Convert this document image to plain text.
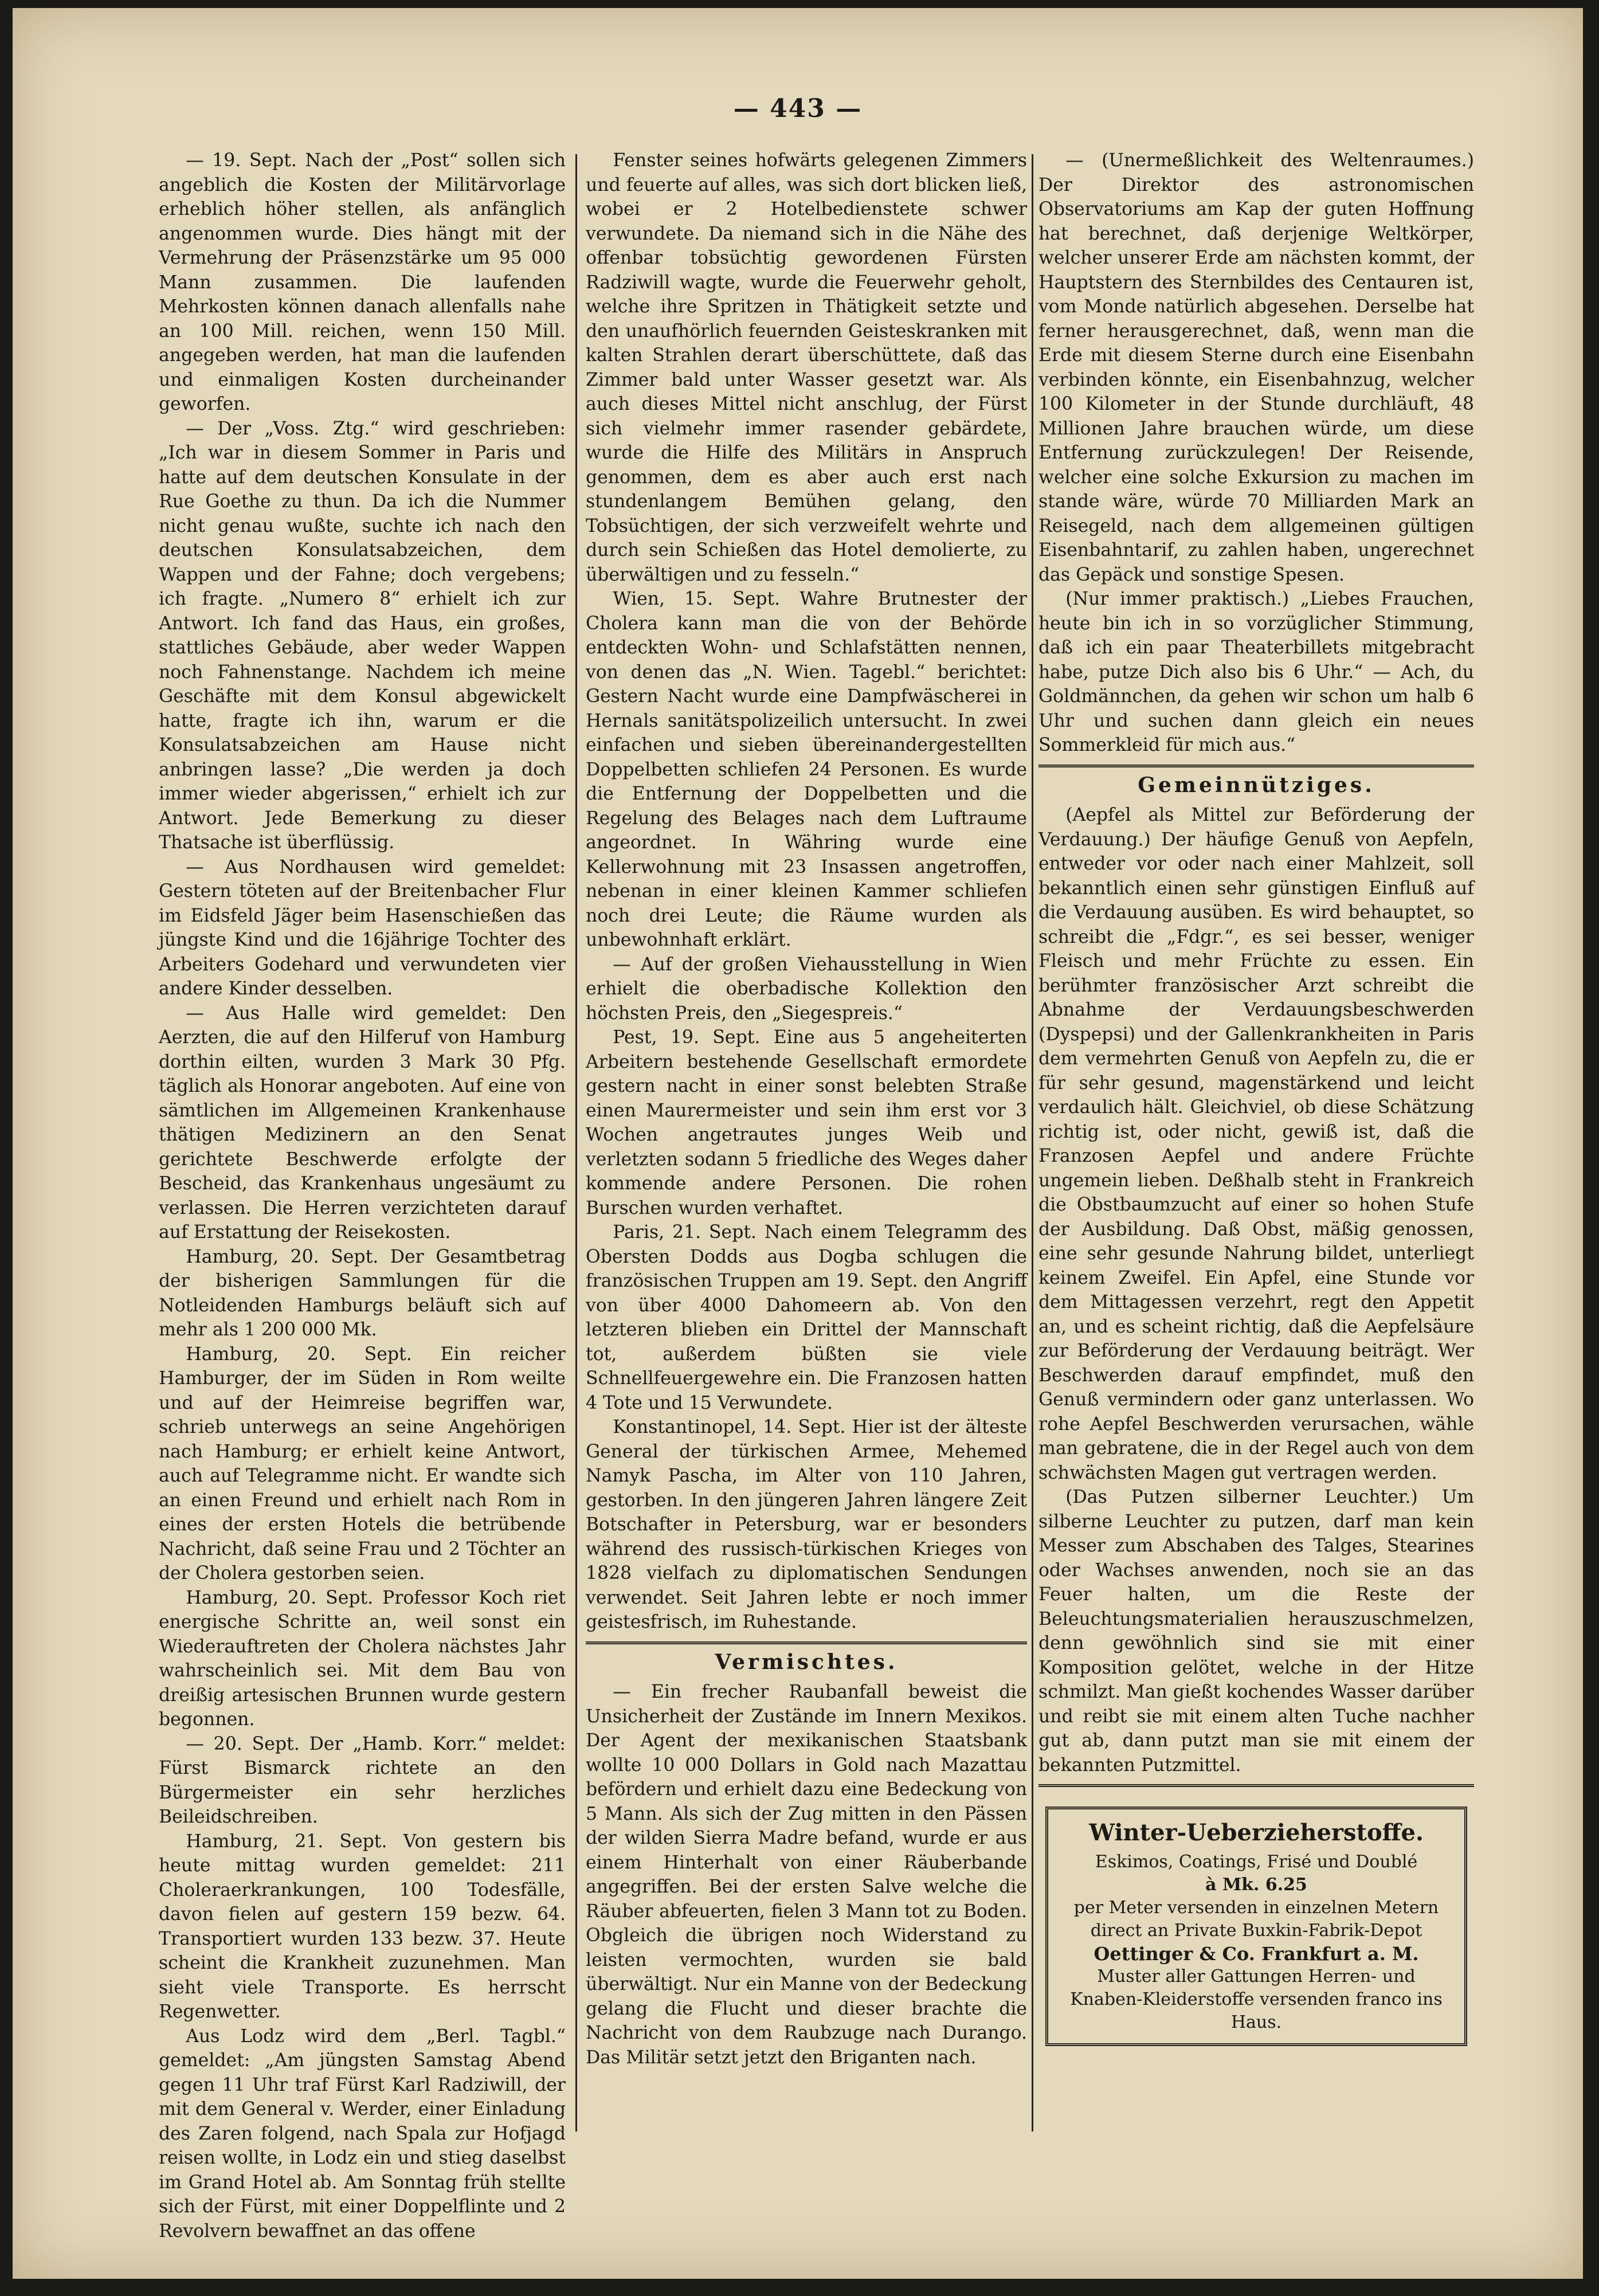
— 443 —

— 19. Sept. Nach der „Post“ sollen sich angeblich die Kosten der Militärvorlage erheblich höher stellen, als anfänglich angenommen wurde. Dies hängt mit der Vermehrung der Präsenzstärke um 95 000 Mann zusammen. Die laufenden Mehrkosten können danach allenfalls nahe an 100 Mill. reichen, wenn 150 Mill. angegeben werden, hat man die laufenden und einmaligen Kosten durcheinander geworfen.

— Der „Voss. Ztg.“ wird geschrieben: „Ich war in diesem Sommer in Paris und hatte auf dem deutschen Konsulate in der Rue Goethe zu thun. Da ich die Nummer nicht genau wußte, suchte ich nach den deutschen Konsulatsabzeichen, dem Wappen und der Fahne; doch vergebens; ich fragte. „Numero 8“ erhielt ich zur Antwort. Ich fand das Haus, ein großes, stattliches Gebäude, aber weder Wappen noch Fahnenstange. Nachdem ich meine Geschäfte mit dem Konsul abgewickelt hatte, fragte ich ihn, warum er die Konsulatsabzeichen am Hause nicht anbringen lasse? „Die werden ja doch immer wieder abgerissen,“ erhielt ich zur Antwort. Jede Bemerkung zu dieser Thatsache ist überflüssig.

— Aus Nordhausen wird gemeldet: Gestern töteten auf der Breitenbacher Flur im Eidsfeld Jäger beim Hasenschießen das jüngste Kind und die 16jährige Tochter des Arbeiters Godehard und verwundeten vier andere Kinder desselben.

— Aus Halle wird gemeldet: Den Aerzten, die auf den Hilferuf von Hamburg dorthin eilten, wurden 3 Mark 30 Pfg. täglich als Honorar angeboten. Auf eine von sämtlichen im Allgemeinen Krankenhause thätigen Medizinern an den Senat gerichtete Beschwerde erfolgte der Bescheid, das Krankenhaus ungesäumt zu verlassen. Die Herren verzichteten darauf auf Erstattung der Reisekosten.

Hamburg, 20. Sept. Der Gesamtbetrag der bisherigen Sammlungen für die Notleidenden Hamburgs beläuft sich auf mehr als 1 200 000 Mk.

Hamburg, 20. Sept. Ein reicher Hamburger, der im Süden in Rom weilte und auf der Heimreise begriffen war, schrieb unterwegs an seine Angehörigen nach Hamburg; er erhielt keine Antwort, auch auf Telegramme nicht. Er wandte sich an einen Freund und erhielt nach Rom in eines der ersten Hotels die betrübende Nachricht, daß seine Frau und 2 Töchter an der Cholera gestorben seien.

Hamburg, 20. Sept. Professor Koch riet energische Schritte an, weil sonst ein Wiederauftreten der Cholera nächstes Jahr wahrscheinlich sei. Mit dem Bau von dreißig artesischen Brunnen wurde gestern begonnen.

— 20. Sept. Der „Hamb. Korr.“ meldet: Fürst Bismarck richtete an den Bürgermeister ein sehr herzliches Beileidschreiben.

Hamburg, 21. Sept. Von gestern bis heute mittag wurden gemeldet: 211 Choleraerkrankungen, 100 Todesfälle, davon fielen auf gestern 159 bezw. 64. Transportiert wurden 133 bezw. 37. Heute scheint die Krankheit zuzunehmen. Man sieht viele Transporte. Es herrscht Regenwetter.

Aus Lodz wird dem „Berl. Tagbl.“ gemeldet: „Am jüngsten Samstag Abend gegen 11 Uhr traf Fürst Karl Radziwill, der mit dem General v. Werder, einer Einladung des Zaren folgend, nach Spala zur Hofjagd reisen wollte, in Lodz ein und stieg daselbst im Grand Hotel ab. Am Sonntag früh stellte sich der Fürst, mit einer Doppelflinte und 2 Revolvern bewaffnet an das offene

Fenster seines hofwärts gelegenen Zimmers und feuerte auf alles, was sich dort blicken ließ, wobei er 2 Hotelbedienstete schwer verwundete. Da niemand sich in die Nähe des offenbar tobsüchtig gewordenen Fürsten Radziwill wagte, wurde die Feuerwehr geholt, welche ihre Spritzen in Thätigkeit setzte und den unaufhörlich feuernden Geisteskranken mit kalten Strahlen derart überschüttete, daß das Zimmer bald unter Wasser gesetzt war. Als auch dieses Mittel nicht anschlug, der Fürst sich vielmehr immer rasender gebärdete, wurde die Hilfe des Militärs in Anspruch genommen, dem es aber auch erst nach stundenlangem Bemühen gelang, den Tobsüchtigen, der sich verzweifelt wehrte und durch sein Schießen das Hotel demolierte, zu überwältigen und zu fesseln.“

Wien, 15. Sept. Wahre Brutnester der Cholera kann man die von der Behörde entdeckten Wohn- und Schlafstätten nennen, von denen das „N. Wien. Tagebl.“ berichtet: Gestern Nacht wurde eine Dampfwäscherei in Hernals sanitätspolizeilich untersucht. In zwei einfachen und sieben übereinandergestellten Doppelbetten schliefen 24 Personen. Es wurde die Entfernung der Doppelbetten und die Regelung des Belages nach dem Luftraume angeordnet. In Währing wurde eine Kellerwohnung mit 23 Insassen angetroffen, nebenan in einer kleinen Kammer schliefen noch drei Leute; die Räume wurden als unbewohnhaft erklärt.

— Auf der großen Viehausstellung in Wien erhielt die oberbadische Kollektion den höchsten Preis, den „Siegespreis.“

Pest, 19. Sept. Eine aus 5 angeheiterten Arbeitern bestehende Gesellschaft ermordete gestern nacht in einer sonst belebten Straße einen Maurermeister und sein ihm erst vor 3 Wochen angetrautes junges Weib und verletzten sodann 5 friedliche des Weges daher kommende andere Personen. Die rohen Burschen wurden verhaftet.

Paris, 21. Sept. Nach einem Telegramm des Obersten Dodds aus Dogba schlugen die französischen Truppen am 19. Sept. den Angriff von über 4000 Dahomeern ab. Von den letzteren blieben ein Drittel der Mannschaft tot, außerdem büßten sie viele Schnellfeuergewehre ein. Die Franzosen hatten 4 Tote und 15 Verwundete.

Konstantinopel, 14. Sept. Hier ist der älteste General der türkischen Armee, Mehemed Namyk Pascha, im Alter von 110 Jahren, gestorben. In den jüngeren Jahren längere Zeit Botschafter in Petersburg, war er besonders während des russisch-türkischen Krieges von 1828 vielfach zu diplomatischen Sendungen verwendet. Seit Jahren lebte er noch immer geistesfrisch, im Ruhestande.

Vermischtes.

— Ein frecher Raubanfall beweist die Unsicherheit der Zustände im Innern Mexikos. Der Agent der mexikanischen Staatsbank wollte 10 000 Dollars in Gold nach Mazattau befördern und erhielt dazu eine Bedeckung von 5 Mann. Als sich der Zug mitten in den Pässen der wilden Sierra Madre befand, wurde er aus einem Hinterhalt von einer Räuberbande angegriffen. Bei der ersten Salve welche die Räuber abfeuerten, fielen 3 Mann tot zu Boden. Obgleich die übrigen noch Widerstand zu leisten vermochten, wurden sie bald überwältigt. Nur ein Manne von der Bedeckung gelang die Flucht und dieser brachte die Nachricht von dem Raubzuge nach Durango. Das Militär setzt jetzt den Briganten nach.

— (Unermeßlichkeit des Weltenraumes.) Der Direktor des astronomischen Observatoriums am Kap der guten Hoffnung hat berechnet, daß derjenige Weltkörper, welcher unserer Erde am nächsten kommt, der Hauptstern des Sternbildes des Centauren ist, vom Monde natürlich abgesehen. Derselbe hat ferner herausgerechnet, daß, wenn man die Erde mit diesem Sterne durch eine Eisenbahn verbinden könnte, ein Eisenbahnzug, welcher 100 Kilometer in der Stunde durchläuft, 48 Millionen Jahre brauchen würde, um diese Entfernung zurückzulegen! Der Reisende, welcher eine solche Exkursion zu machen im stande wäre, würde 70 Milliarden Mark an Reisegeld, nach dem allgemeinen gültigen Eisenbahntarif, zu zahlen haben, ungerechnet das Gepäck und sonstige Spesen.

(Nur immer praktisch.) „Liebes Frauchen, heute bin ich in so vorzüglicher Stimmung, daß ich ein paar Theaterbillets mitgebracht habe, putze Dich also bis 6 Uhr.“ — Ach, du Goldmännchen, da gehen wir schon um halb 6 Uhr und suchen dann gleich ein neues Sommerkleid für mich aus.“

Gemeinnütziges.

(Aepfel als Mittel zur Beförderung der Verdauung.) Der häufige Genuß von Aepfeln, entweder vor oder nach einer Mahlzeit, soll bekanntlich einen sehr günstigen Einfluß auf die Verdauung ausüben. Es wird behauptet, so schreibt die „Fdgr.“, es sei besser, weniger Fleisch und mehr Früchte zu essen. Ein berühmter französischer Arzt schreibt die Abnahme der Verdauungsbeschwerden (Dyspepsi) und der Gallenkrankheiten in Paris dem vermehrten Genuß von Aepfeln zu, die er für sehr gesund, magenstärkend und leicht verdaulich hält. Gleichviel, ob diese Schätzung richtig ist, oder nicht, gewiß ist, daß die Franzosen Aepfel und andere Früchte ungemein lieben. Deßhalb steht in Frankreich die Obstbaumzucht auf einer so hohen Stufe der Ausbildung. Daß Obst, mäßig genossen, eine sehr gesunde Nahrung bildet, unterliegt keinem Zweifel. Ein Apfel, eine Stunde vor dem Mittagessen verzehrt, regt den Appetit an, und es scheint richtig, daß die Aepfelsäure zur Beförderung der Verdauung beiträgt. Wer Beschwerden darauf empfindet, muß den Genuß vermindern oder ganz unterlassen. Wo rohe Aepfel Beschwerden verursachen, wähle man gebratene, die in der Regel auch von dem schwächsten Magen gut vertragen werden.

(Das Putzen silberner Leuchter.) Um silberne Leuchter zu putzen, darf man kein Messer zum Abschaben des Talges, Stearines oder Wachses anwenden, noch sie an das Feuer halten, um die Reste der Beleuchtungsmaterialien herauszuschmelzen, denn gewöhnlich sind sie mit einer Komposition gelötet, welche in der Hitze schmilzt. Man gießt kochendes Wasser darüber und reibt sie mit einem alten Tuche nachher gut ab, dann putzt man sie mit einem der bekannten Putzmittel.

Winter-Ueberzieherstoffe.
Eskimos, Coatings, Frisé und Doublé
à Mk. 6.25
per Meter versenden in einzelnen Metern direct an Private Buxkin-Fabrik-Depot
Oettinger & Co. Frankfurt a. M.
Muster aller Gattungen Herren- und Knaben-Kleiderstoffe versenden franco ins Haus.
